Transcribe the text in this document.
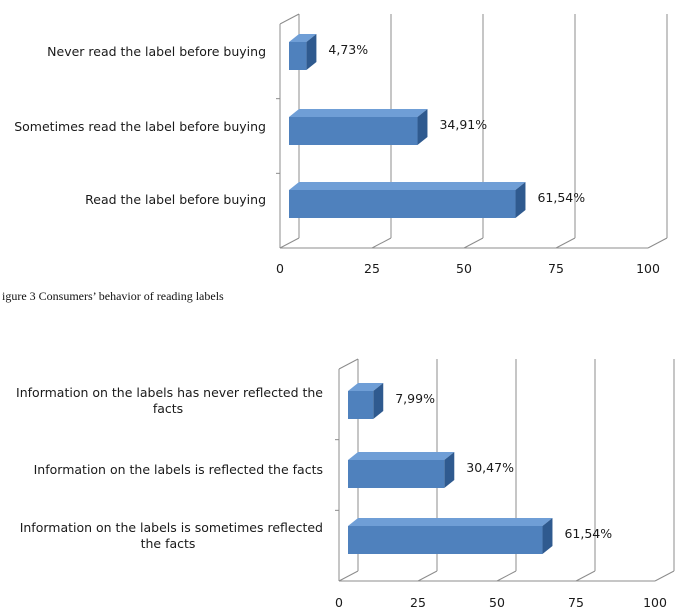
0	25	50	75	100
4,73%
Never read the label before buying
34,91%
Sometimes read the label before buying
61,54%
Read the label before buying
igure 3 Consumers’ behavior of reading labels
0	25	50	75	100
7,99%
Information on the labels has never reflected the facts
30,47%
Information on the labels is reflected the facts
61,54%
Information on the labels is sometimes reflected the facts
